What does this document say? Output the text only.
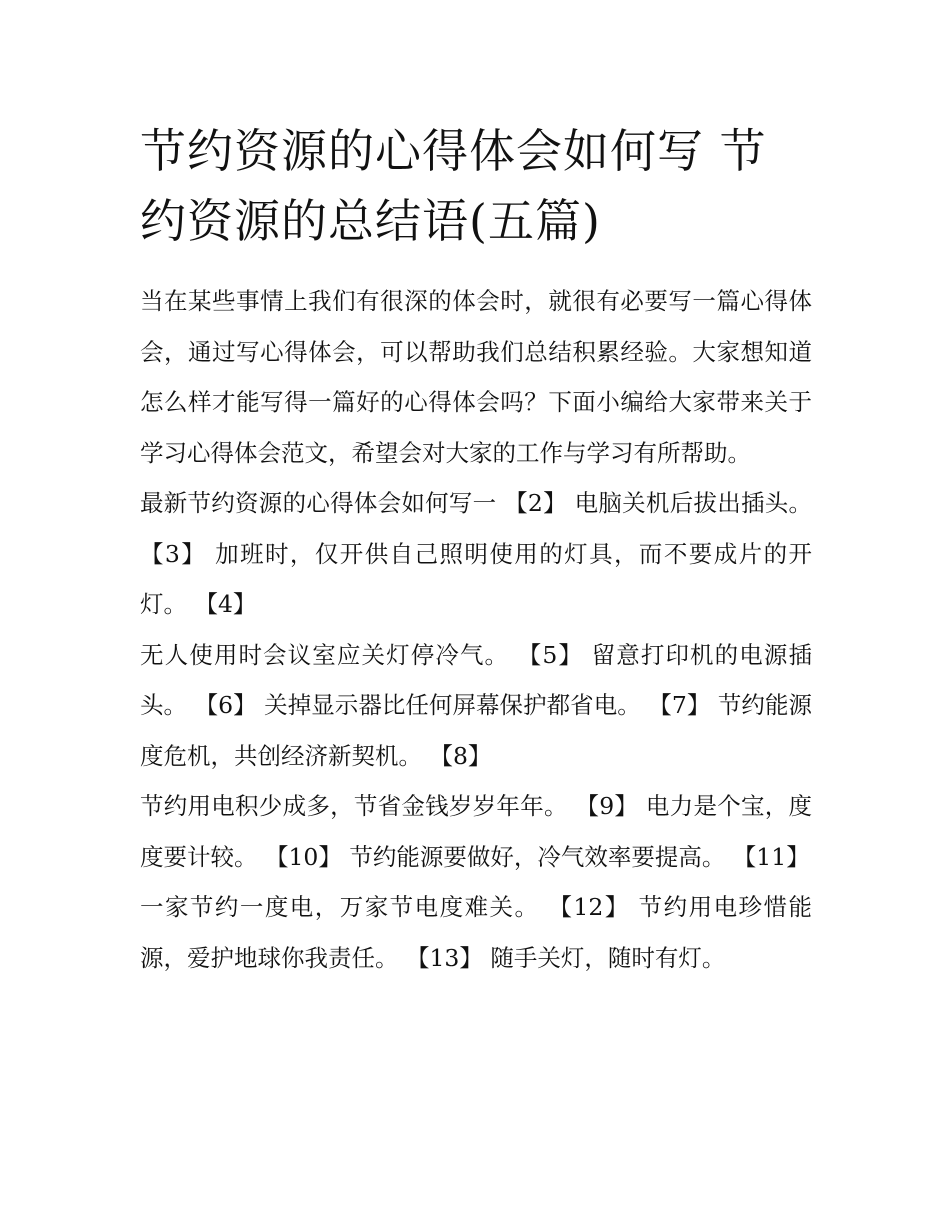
节约资源的心得体会如何写 节约资源的总结语(五篇)

当在某些事情上我们有很深的体会时，就很有必要写一篇心得体会，通过写心得体会，可以帮助我们总结积累经验。大家想知道怎么样才能写得一篇好的心得体会吗？下面小编给大家带来关于学习心得体会范文，希望会对大家的工作与学习有所帮助。

最新节约资源的心得体会如何写一 【2】 电脑关机后拔出插头。 【3】 加班时，仅开供自己照明使用的灯具，而不要成片的开灯。 【4】

无人使用时会议室应关灯停冷气。 【5】 留意打印机的电源插头。 【6】 关掉显示器比任何屏幕保护都省电。 【7】 节约能源度危机，共创经济新契机。 【8】

节约用电积少成多，节省金钱岁岁年年。 【9】 电力是个宝，度度要计较。 【10】 节约能源要做好，冷气效率要提高。 【11】

一家节约一度电，万家节电度难关。 【12】 节约用电珍惜能源，爱护地球你我责任。 【13】 随手关灯，随时有灯。
